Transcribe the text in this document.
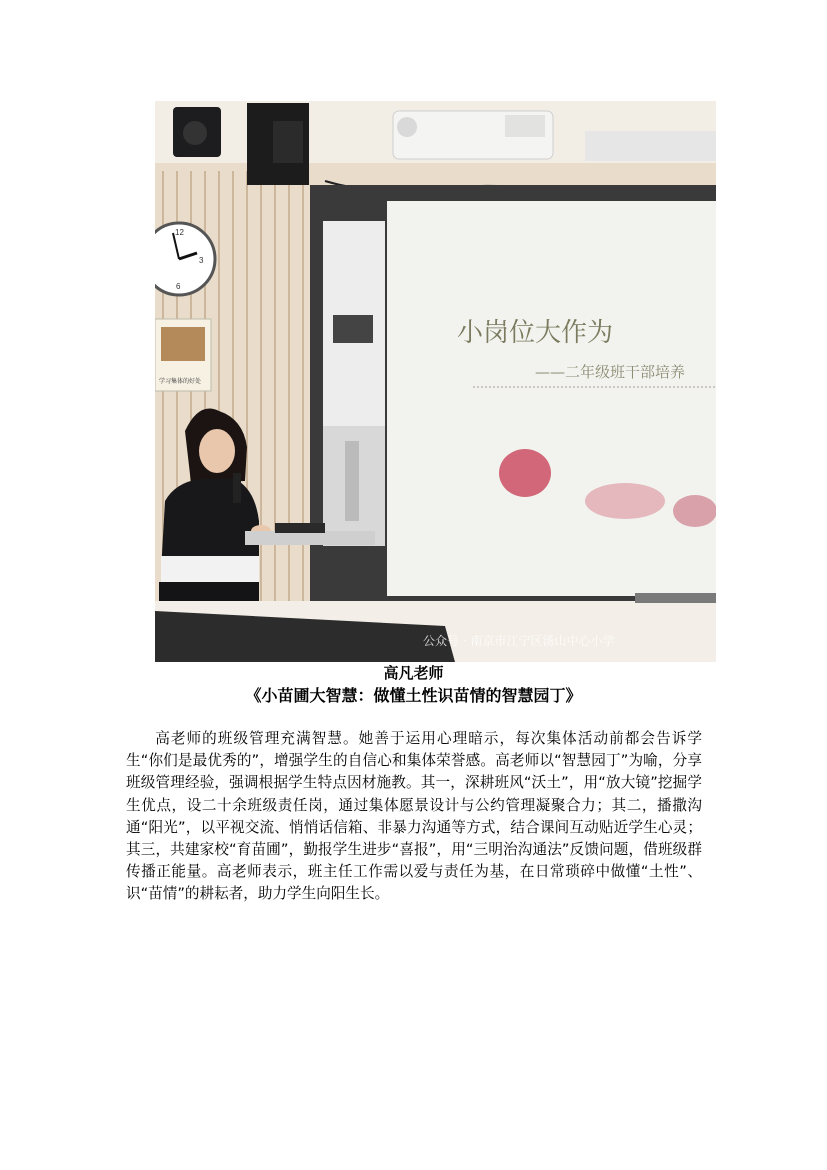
12
3
6
学习集体的好处
小岗位大作为
——二年级班干部培养
公众号 · 南京市江宁区汤山中心小学
高凡老师
《小苗圃大智慧：做懂土性识苗情的智慧园丁》

高老师的班级管理充满智慧。她善于运用心理暗示，每次集体活动前都会告诉学生“你们是最优秀的”，增强学生的自信心和集体荣誉感。高老师以“智慧园丁”为喻，分享班级管理经验，强调根据学生特点因材施教。其一，深耕班风“沃土”，用“放大镜”挖掘学生优点，设二十余班级责任岗，通过集体愿景设计与公约管理凝聚合力；其二，播撒沟通“阳光”，以平视交流、悄悄话信箱、非暴力沟通等方式，结合课间互动贴近学生心灵；其三，共建家校“育苗圃”，勤报学生进步“喜报”，用“三明治沟通法”反馈问题，借班级群传播正能量。高老师表示，班主任工作需以爱与责任为基，在日常琐碎中做懂“土性”、识“苗情”的耕耘者，助力学生向阳生长。
